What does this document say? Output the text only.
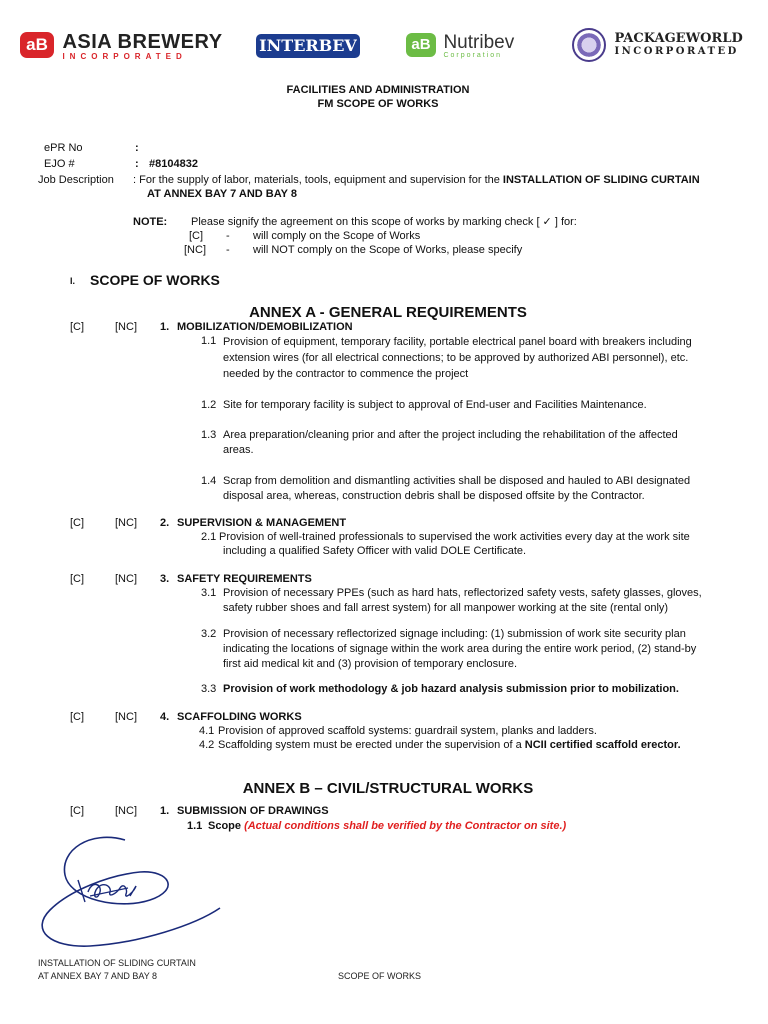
aB ASIA BREWERY
INCORPORATED
INTERBEV	aB Nutribev
Corporation

PACKAGEWORLD
INCORPORATED
FACILITIES AND ADMINISTRATION
FM SCOPE OF WORKS
ePR No	:
EJO #	: #8104832
Job Description : For the supply of labor, materials, tools, equipment and supervision for the INSTALLATION OF SLIDING CURTAIN
AT ANNEX BAY 7 AND BAY 8
NOTE: Please signify the agreement on this scope of works by marking check [ ✓ ] for:
[C] - will comply on the Scope of Works
[NC] - will NOT comply on the Scope of Works, please specify
I. SCOPE OF WORKS
ANNEX A - GENERAL REQUIREMENTS
[C]	[NC] 1. MOBILIZATION/DEMOBILIZATION
1.1 Provision of equipment, temporary facility, portable electrical panel board with breakers including
extension wires (for all electrical connections; to be approved by authorized ABI personnel), etc.
needed by the contractor to commence the project
1.2 Site for temporary facility is subject to approval of End-user and Facilities Maintenance.
1.3 Area preparation/cleaning prior and after the project including the rehabilitation of the affected
areas.
1.4 Scrap from demolition and dismantling activities shall be disposed and hauled to ABI designated
disposal area, whereas, construction debris shall be disposed offsite by the Contractor.
[C]	[NC] 2. SUPERVISION & MANAGEMENT
2.1 Provision of well-trained professionals to supervised the work activities every day at the work site
including a qualified Safety Officer with valid DOLE Certificate.
[C]	[NC] 3. SAFETY REQUIREMENTS
3.1 Provision of necessary PPEs (such as hard hats, reflectorized safety vests, safety glasses, gloves,
safety rubber shoes and fall arrest system) for all manpower working at the site (rental only)
3.2 Provision of necessary reflectorized signage including: (1) submission of work site security plan
indicating the locations of signage within the work area during the entire work period, (2) stand-by
first aid medical kit and (3) provision of temporary enclosure.
3.3 Provision of work methodology & job hazard analysis submission prior to mobilization.
[C]	[NC] 4. SCAFFOLDING WORKS
4.1 Provision of approved scaffold systems: guardrail system, planks and ladders.
4.2 Scaffolding system must be erected under the supervision of a NCII certified scaffold erector.
ANNEX B – CIVIL/STRUCTURAL WORKS
[C]	[NC] 1. SUBMISSION OF DRAWINGS
1.1 Scope (Actual conditions shall be verified by the Contractor on site.)
INSTALLATION OF SLIDING CURTAIN
AT ANNEX BAY 7 AND BAY 8	SCOPE OF WORKS
